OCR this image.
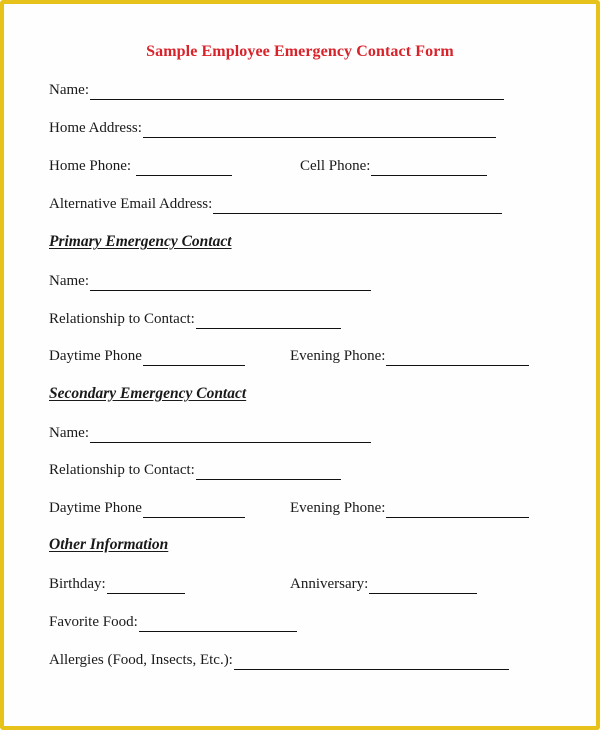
Sample Employee Emergency Contact Form
Name:
Home Address:
Home Phone:	Cell Phone:
Alternative Email Address:
Primary Emergency Contact
Name:
Relationship to Contact:
Daytime Phone	Evening Phone:
Secondary Emergency Contact
Name:
Relationship to Contact:
Daytime Phone	Evening Phone:
Other Information
Birthday:	Anniversary:
Favorite Food:
Allergies (Food, Insects, Etc.):
